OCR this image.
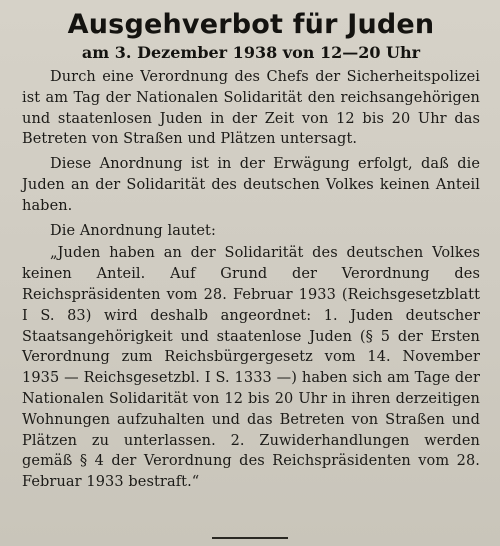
Ausgehverbot für Juden
am 3. Dezember 1938 von 12—20 Uhr

Durch eine Verordnung des Chefs der Sicherheitspolizei ist am Tag der Nationalen Solidarität den reichsangehörigen und staatenlosen Juden in der Zeit von 12 bis 20 Uhr das Betreten von Straßen und Plätzen untersagt.

Diese Anordnung ist in der Erwägung erfolgt, daß die Juden an der Solidarität des deutschen Volkes keinen Anteil haben.

Die Anordnung lautet:

„Juden haben an der Solidarität des deutschen Volkes keinen Anteil. Auf Grund der Verordnung des Reichspräsidenten vom 28. Februar 1933 (Reichsgesetzblatt I S. 83) wird deshalb angeordnet: 1. Juden deutscher Staatsangehörigkeit und staatenlose Juden (§ 5 der Ersten Verordnung zum Reichsbürgergesetz vom 14. November 1935 — Reichsgesetzbl. I S. 1333 —) haben sich am Tage der Nationalen Solidarität von 12 bis 20 Uhr in ihren derzeitigen Wohnungen aufzuhalten und das Betreten von Straßen und Plätzen zu unterlassen. 2. Zuwiderhandlungen werden gemäß § 4 der Verordnung des Reichspräsidenten vom 28. Februar 1933 bestraft.“
